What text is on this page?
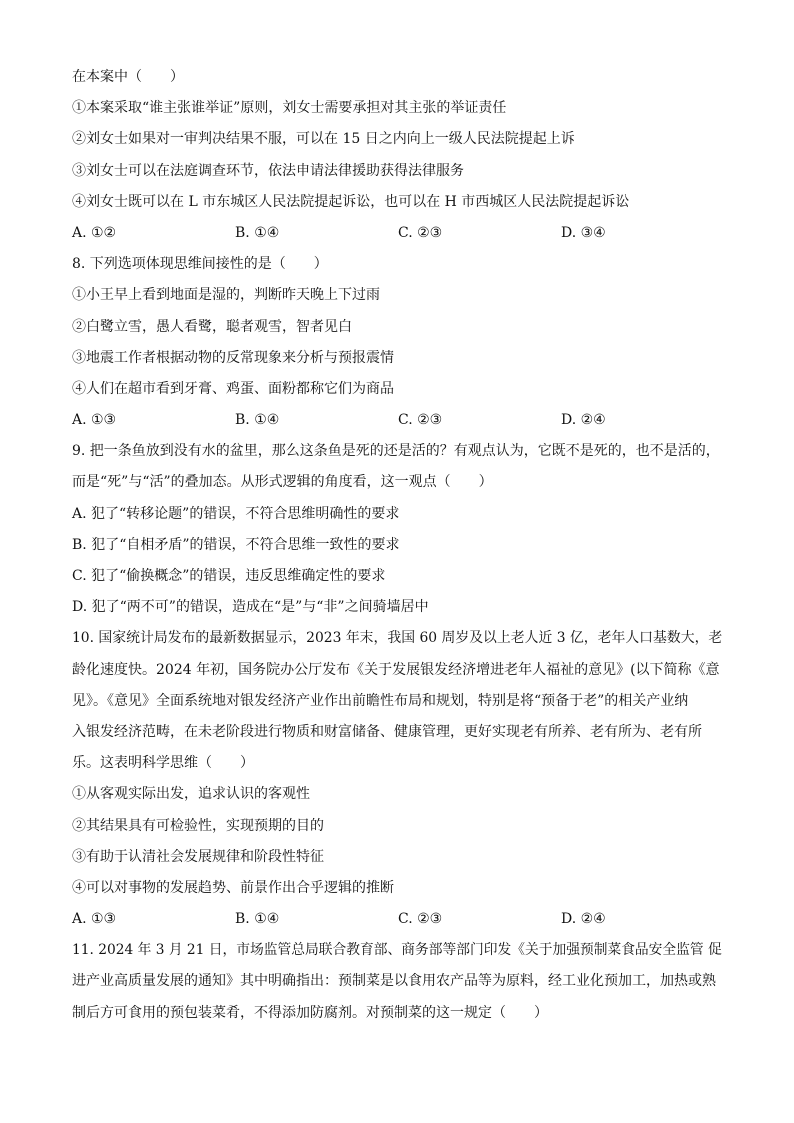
在本案中（　　）
①本案采取“谁主张谁举证”原则，刘女士需要承担对其主张的举证责任
②刘女士如果对一审判决结果不服，可以在 15 日之内向上一级人民法院提起上诉
③刘女士可以在法庭调查环节，依法申请法律援助获得法律服务
④刘女士既可以在 L 市东城区人民法院提起诉讼，也可以在 H 市西城区人民法院提起诉讼
A. ①②	B. ①④	C. ②③	D. ③④
8. 下列选项体现思维间接性的是（　　）
①小王早上看到地面是湿的，判断昨天晚上下过雨
②白鹭立雪，愚人看鹭，聪者观雪，智者见白
③地震工作者根据动物的反常现象来分析与预报震情
④人们在超市看到牙膏、鸡蛋、面粉都称它们为商品
A. ①③	B. ①④	C. ②③	D. ②④
9. 把一条鱼放到没有水的盆里，那么这条鱼是死的还是活的？有观点认为，它既不是死的，也不是活的，
而是“死”与“活”的叠加态。从形式逻辑的角度看，这一观点（　　）
A. 犯了“转移论题”的错误，不符合思维明确性的要求
B. 犯了“自相矛盾”的错误，不符合思维一致性的要求
C. 犯了“偷换概念”的错误，违反思维确定性的要求
D. 犯了“两不可”的错误，造成在“是”与“非”之间骑墙居中
10. 国家统计局发布的最新数据显示，2023 年末，我国 60 周岁及以上老人近 3 亿，老年人口基数大，老
龄化速度快。2024 年初，国务院办公厅发布《关于发展银发经济增进老年人福祉的意见》(以下简称《意
见》。《意见》全面系统地对银发经济产业作出前瞻性布局和规划，特别是将“预备于老”的相关产业纳
入银发经济范畴，在未老阶段进行物质和财富储备、健康管理，更好实现老有所养、老有所为、老有所
乐。这表明科学思维（　　）
①从客观实际出发，追求认识的客观性
②其结果具有可检验性，实现预期的目的
③有助于认清社会发展规律和阶段性特征
④可以对事物的发展趋势、前景作出合乎逻辑的推断
A. ①③	B. ①④	C. ②③	D. ②④
11. 2024 年 3 月 21 日，市场监管总局联合教育部、商务部等部门印发《关于加强预制菜食品安全监管 促
进产业高质量发展的通知》其中明确指出：预制菜是以食用农产品等为原料，经工业化预加工，加热或熟
制后方可食用的预包装菜肴，不得添加防腐剂。对预制菜的这一规定（　　）
